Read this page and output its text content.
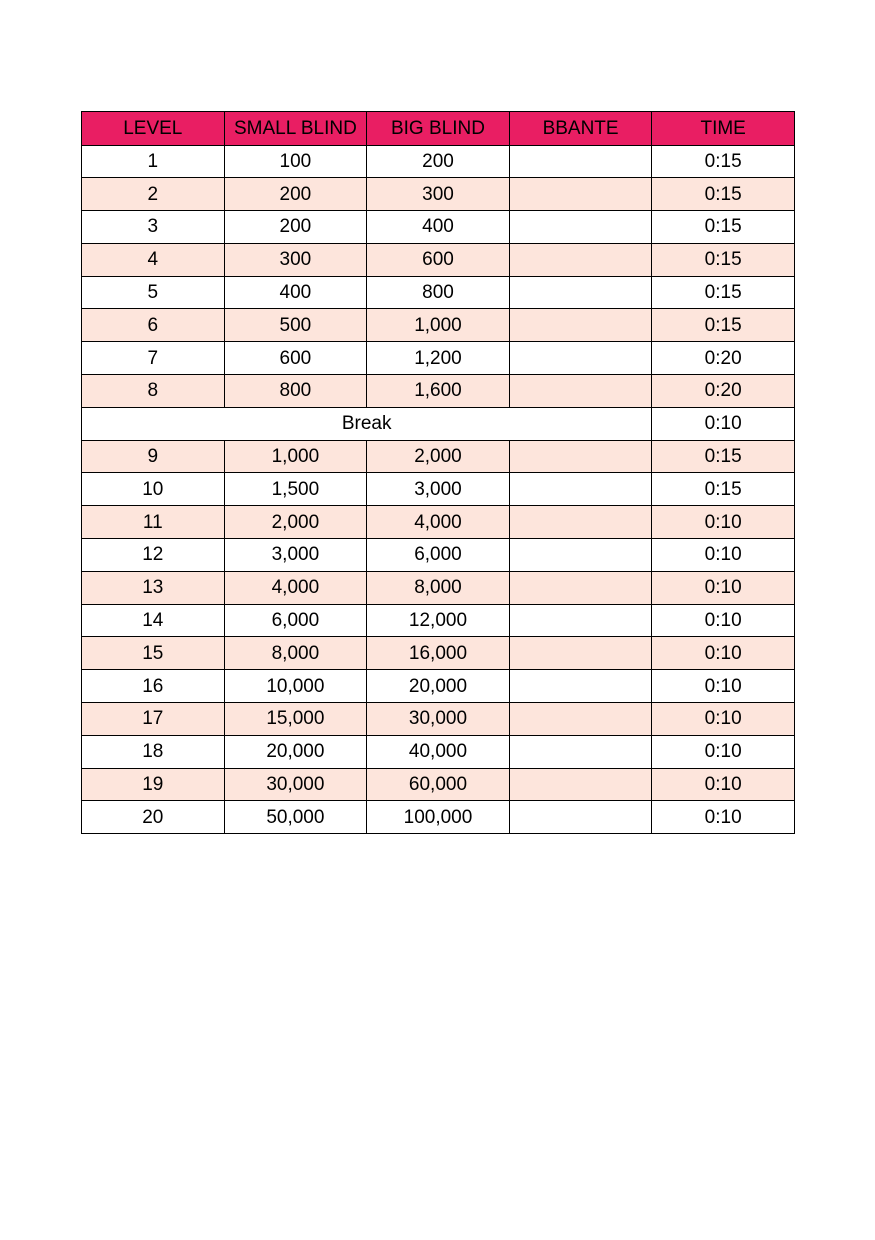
LEVEL	SMALL BLIND	BIG BLIND	BBANTE	TIME
1	100	200		0:15
2	200	300		0:15
3	200	400		0:15
4	300	600		0:15
5	400	800		0:15
6	500	1,000		0:15
7	600	1,200		0:20
8	800	1,600		0:20
Break				0:10
9	1,000	2,000		0:15
10	1,500	3,000		0:15
11	2,000	4,000		0:10
12	3,000	6,000		0:10
13	4,000	8,000		0:10
14	6,000	12,000		0:10
15	8,000	16,000		0:10
16	10,000	20,000		0:10
17	15,000	30,000		0:10
18	20,000	40,000		0:10
19	30,000	60,000		0:10
20	50,000	100,000		0:10
